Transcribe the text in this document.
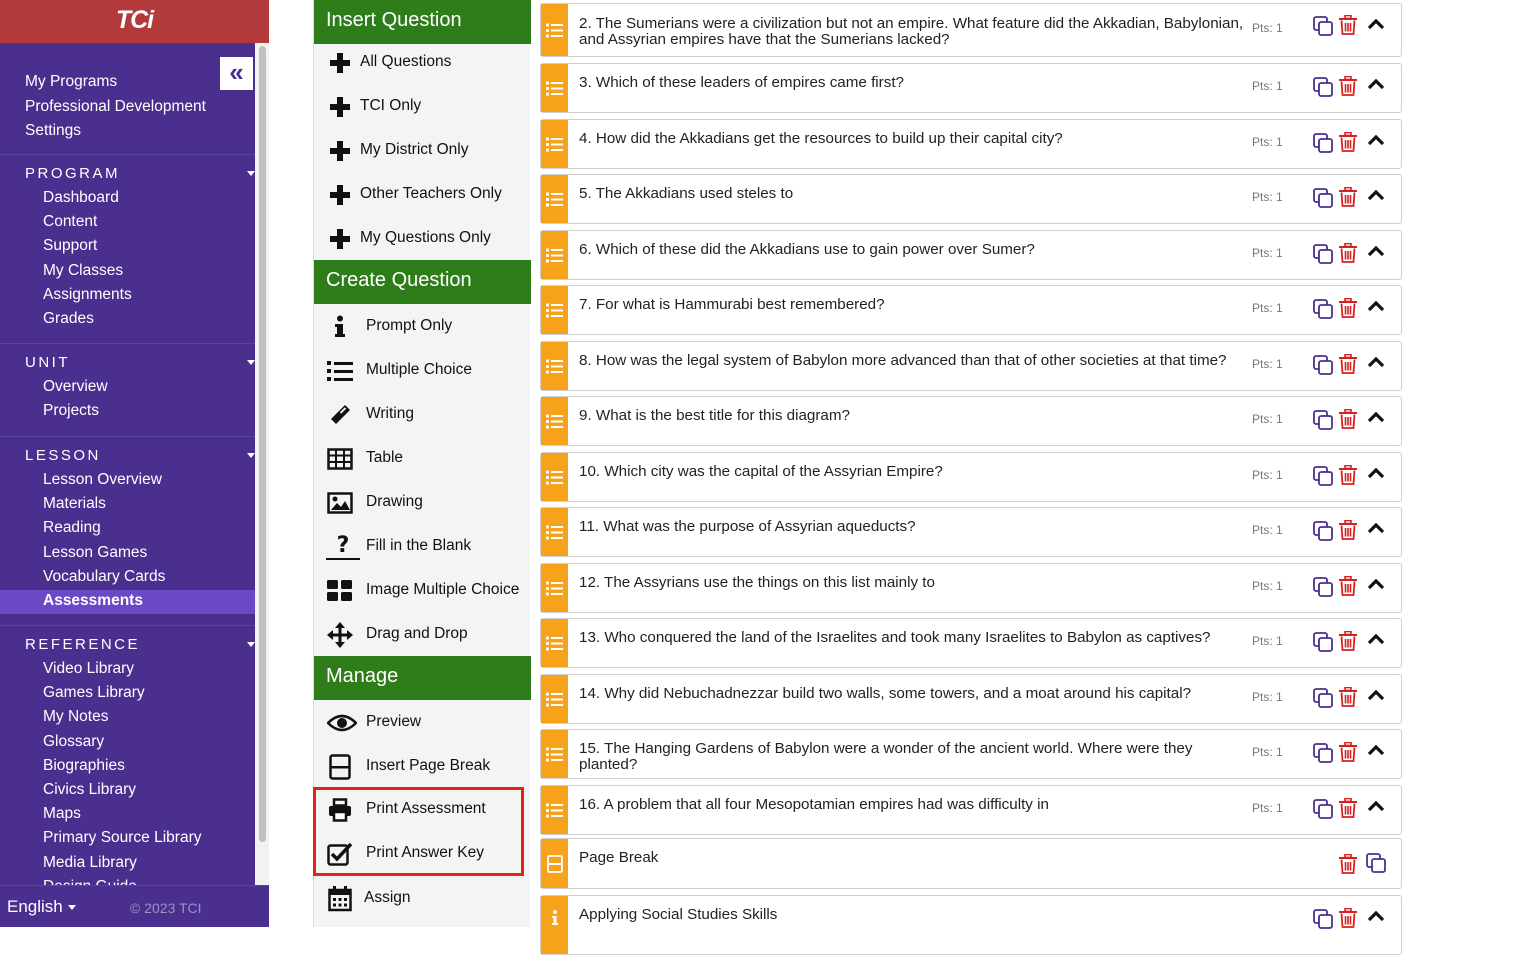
TCi
«
My Programs
Professional Development
Settings
PROGRAM
Dashboard
Content
Support
My Classes
Assignments
Grades
UNIT
Overview
Projects
LESSON
Lesson Overview
Materials
Reading
Lesson Games
Vocabulary Cards
Assessments
REFERENCE
Video Library
Games Library
My Notes
Glossary
Biographies
Civics Library
Maps
Primary Source Library
Media Library
English	© 2023 TCI
Insert Question
All Questions
TCI Only
My District Only
Other Teachers Only
My Questions Only
Create Question
Prompt Only
Multiple Choice
Writing
Table
Drawing
? Fill in the Blank
Image Multiple Choice
Drag and Drop
Manage
Preview
Insert Page Break
Print Assessment
Print Answer Key
Assign
2. The Sumerians were a civilization but not an empire. What feature did the Akkadian, Babylonian, and Assyrian empires have that the Sumerians lacked?
Pts: 1
3. Which of these leaders of empires came first?	Pts: 1
4. How did the Akkadians get the resources to build up their capital city?	Pts: 1
5. The Akkadians used steles to	Pts: 1
6. Which of these did the Akkadians use to gain power over Sumer?	Pts: 1
7. For what is Hammurabi best remembered?	Pts: 1
8. How was the legal system of Babylon more advanced than that of other societies at that time?	Pts: 1
9. What is the best title for this diagram?	Pts: 1
10. Which city was the capital of the Assyrian Empire?	Pts: 1
11. What was the purpose of Assyrian aqueducts?	Pts: 1
12. The Assyrians use the things on this list mainly to	Pts: 1
13. Who conquered the land of the Israelites and took many Israelites to Babylon as captives?	Pts: 1
14. Why did Nebuchadnezzar build two walls, some towers, and a moat around his capital?	Pts: 1
15. The Hanging Gardens of Babylon were a wonder of the ancient world. Where were they planted?
Pts: 1
16. A problem that all four Mesopotamian empires had was difficulty in	Pts: 1
Page Break
Applying Social Studies Skills
